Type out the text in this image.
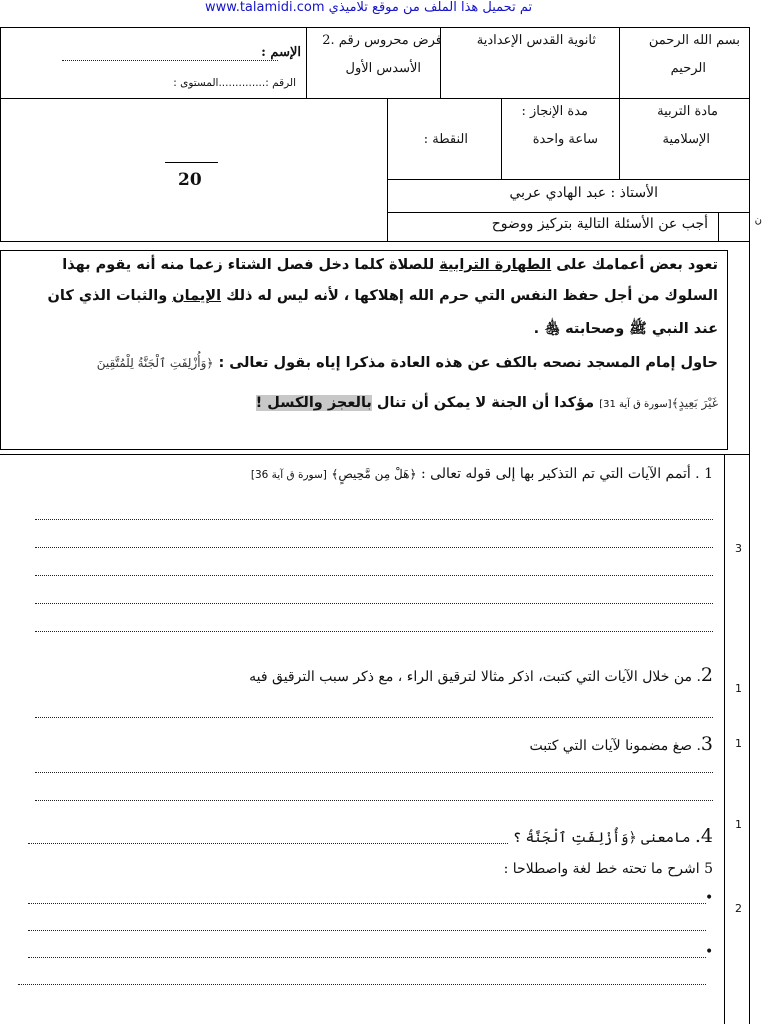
www.talamidi.com تم تحميل هذا الملف من موقع تلاميذي
بسم الله الرحمن
الرحيم
ثانوية القدس الإعدادية
فرض محروس رقم .2
الأسدس الأول
الإسم :
الرقم :..............المستوى :
مادة التربية
الإسلامية
مدة الإنجاز :
ساعة واحدة
النقطة :
20
الأستاذ : عبد الهادي عربي
أجب عن الأسئلة التالية بتركيز ووضوح	ن
تعود بعض أعمامك على الطهارة الترابية للصلاة كلما دخل فصل الشتاء زعما منه أنه يقوم بهذا
السلوك من أجل حفظ النفس التي حرم الله إهلاكها ، لأنه ليس له ذلك الإيمان والثبات الذي كان
عند النبي ﷺ وصحابته ﵃ .
حاول إمام المسجد نصحه بالكف عن هذه العادة مذكرا إياه بقول تعالى : ﴿وَأُزْلِفَتِ ٱلْجَنَّةُ لِلْمُتَّقِينَ
غَيْرَ بَعِيدٍ﴾[سورة ق آية 31] مؤكدا أن الجنة لا يمكن أن تنال بالعجز والكسل !
1 . أتمم الآيات التي تم التذكير بها إلى قوله تعالى : ﴿هَلْ مِن مَّحِيصٍ﴾ [سورة ق آية 36]
3
2. من خلال الآيات التي كتبت، اذكر مثالا لترقيق الراء ، مع ذكر سبب الترقيق فيه
1
3. صغ مضمونا لآيات التي كتبت	1
4. مامعنى ﴿وَأُزْلِفَتِ ٱلْجَنَّةُ ؟
1
5 اشرح ما تحته خط لغة واصطلاحا :
•
•
2
